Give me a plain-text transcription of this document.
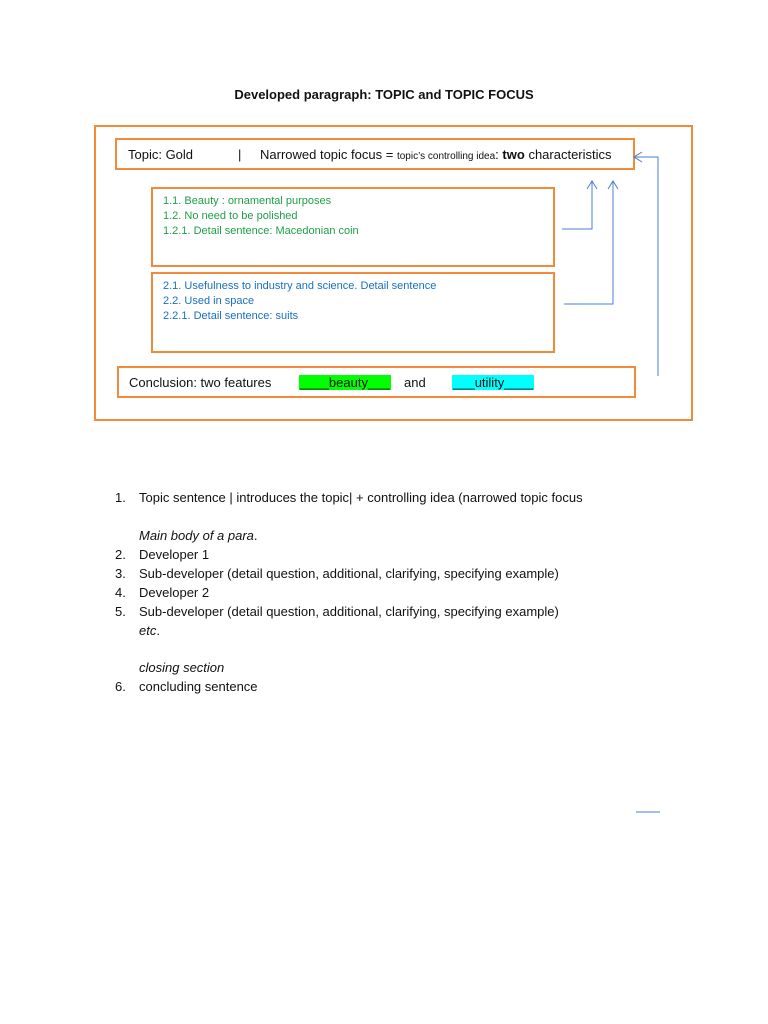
Developed paragraph: TOPIC and TOPIC FOCUS
Topic: Gold	| Narrowed topic focus = topic’s controlling idea: two characteristics
1.1. Beauty : ornamental purposes
1.2. No need to be polished
1.2.1. Detail sentence: Macedonian coin
2.1. Usefulness to industry and science. Detail sentence
2.2. Used in space
2.2.1. Detail sentence: suits
Conclusion: two features ____beauty___ and ___utility____
1.	Topic sentence | introduces the topic| + controlling idea (narrowed topic focus
Main body of a para.
2.	Developer 1
3.	Sub-developer (detail question, additional, clarifying, specifying example)
4.	Developer 2
5.	Sub-developer (detail question, additional, clarifying, specifying example)
etc.
closing section
6.	concluding sentence
